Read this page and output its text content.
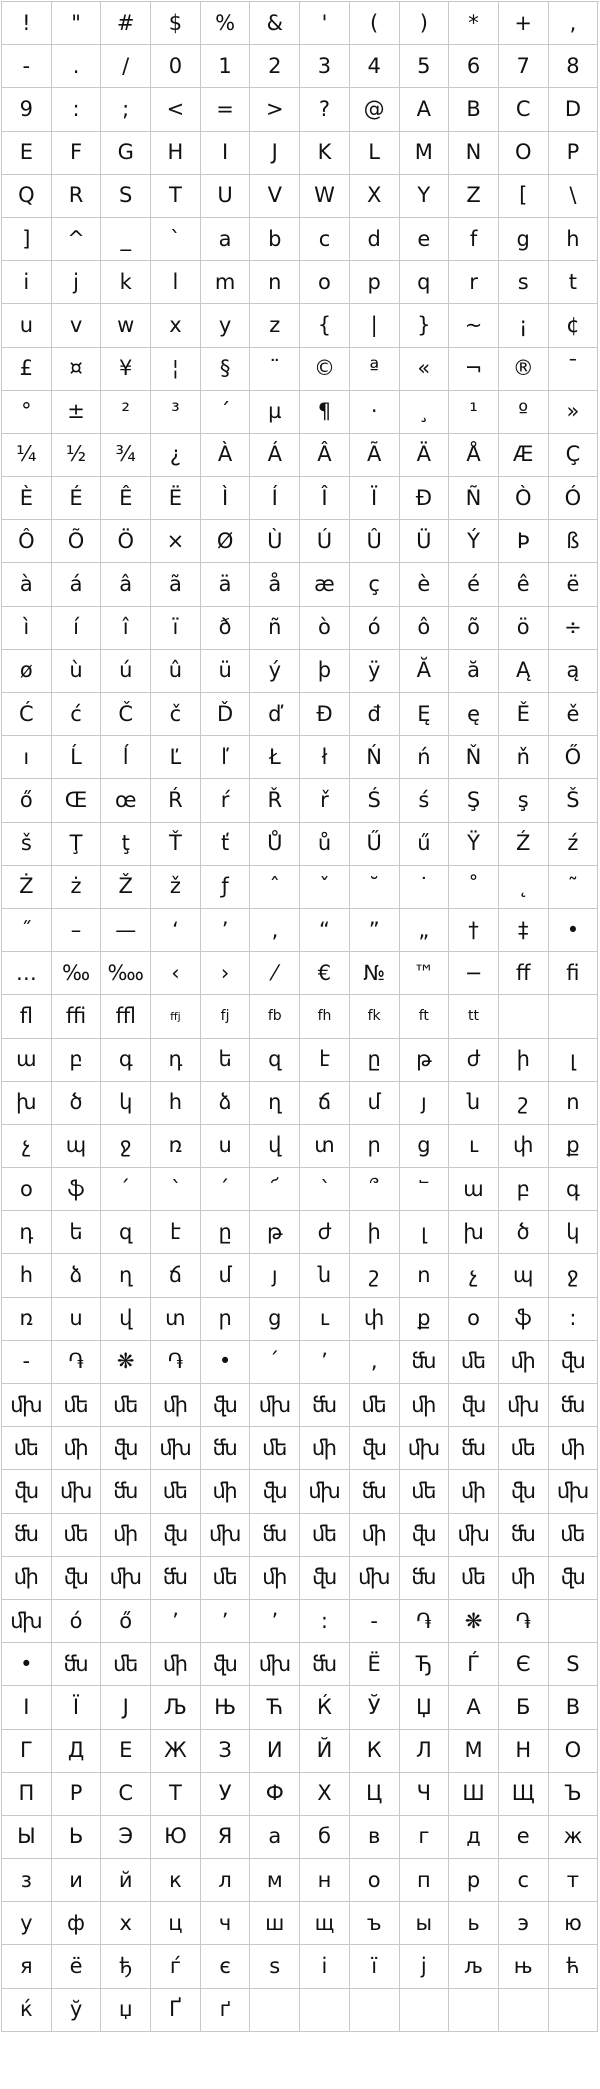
!	"	#	$	%	&	'	(	)	*	+	,
-	.	/	0	1	2	3	4	5	6	7	8
9	:	;	<	=	>	?	@	A	B	C	D
E	F	G	H	I	J	K	L	M	N	O	P
Q	R	S	T	U	V	W	X	Y	Z	[	\
]	^	_	`	a	b	c	d	e	f	g	h
i	j	k	l	m	n	o	p	q	r	s	t
u	v	w	x	y	z	{	|	}	~	¡	¢
£	¤	¥	¦	§	¨	©	ª	«	¬	®	¯
°	±	²	³	´	µ	¶	·	¸	¹	º	»
¼	½	¾	¿	À	Á	Â	Ã	Ä	Å	Æ	Ç
È	É	Ê	Ë	Ì	Í	Î	Ï	Ð	Ñ	Ò	Ó
Ô	Õ	Ö	×	Ø	Ù	Ú	Û	Ü	Ý	Þ	ß
à	á	â	ã	ä	å	æ	ç	è	é	ê	ë
ì	í	î	ï	ð	ñ	ò	ó	ô	õ	ö	÷
ø	ù	ú	û	ü	ý	þ	ÿ	Ă	ă	Ą	ą
Ć	ć	Č	č	Ď	ď	Đ	đ	Ę	ę	Ě	ě
ı	Ĺ	ĺ	Ľ	ľ	Ł	ł	Ń	ń	Ň	ň	Ő
ő	Œ	œ	Ŕ	ŕ	Ř	ř	Ś	ś	Ş	ş	Š
š	Ţ	ţ	Ť	ť	Ů	ů	Ű	ű	Ÿ	Ź	ź
Ż	ż	Ž	ž	ƒ	ˆ	ˇ	˘	˙	˚	˛	˜
˝	–	—	‘	’	‚	“	”	„	†	‡	•
…	‰ ‱	‹	›	⁄	€	№	™	−	ﬀ	ﬁ
ﬂ	ﬃ	ﬄ	ffj	fj	fb	fh	fk	ft	tt
ա	բ	գ	դ	ե	զ	է	ը	թ	ժ	ի	լ
խ	ծ	կ	հ	ձ	ղ	ճ	մ	յ	ն	շ	ո
չ	պ	ջ	ռ	ս	վ	տ	ր	ց	ւ	փ	ք
օ	ֆ	՛	՝	՛	՜	՝	՞	՟	ա	բ	գ
դ	ե	զ	է	ը	թ	ժ	ի	լ	խ	ծ	կ
հ	ձ	ղ	ճ	մ	յ	ն	շ	ո	չ	պ	ջ
ռ	ս	վ	տ	ր	ց	ւ	փ	ք	օ	ֆ	:
-	֏	❋	֏	•	՛	՚	,	ﬓ	ﬔ	ﬕ	ﬖ
ﬗ	ﬔ	ﬔ	ﬕ	ﬖ	ﬗ	ﬓ	ﬔ	ﬕ	ﬖ	ﬗ	ﬓ
ﬔ	ﬕ	ﬖ	ﬗ	ﬓ	ﬔ	ﬕ	ﬖ	ﬗ	ﬓ	ﬔ	ﬕ
ﬖ	ﬗ	ﬓ	ﬔ	ﬕ	ﬖ	ﬗ	ﬓ	ﬔ	ﬕ	ﬖ	ﬗ
ﬓ	ﬔ	ﬕ	ﬖ	ﬗ	ﬓ	ﬔ	ﬕ	ﬖ	ﬗ	ﬓ	ﬔ
ﬕ	ﬖ	ﬗ	ﬓ	ﬔ	ﬕ	ﬖ	ﬗ	ﬓ	ﬔ	ﬕ	ﬖ
ﬗ	ó	ő	ʼ	ʼ	ʼ	:	-	֏	❋	֏
•	ﬓ	ﬔ	ﬕ	ﬖ	ﬗ	ﬓ	Ë	Ђ	Ѓ	Є	S
І	Ї	Ј	Љ	Њ	Ћ	Ќ	Ў	Џ	А	Б	В
Г	Д	Е	Ж	З	И	Й	К	Л	М	Н	О
П	Р	С	Т	У	Ф	Х	Ц	Ч	Ш	Щ	Ъ
Ы	Ь	Э	Ю	Я	а	б	в	г	д	е	ж
з	и	й	к	л	м	н	о	п	р	с	т
у	ф	х	ц	ч	ш	щ	ъ	ы	ь	э	ю
я	ё	ђ	ѓ	є	s	і	ї	j	љ	њ	ћ
ќ	ў	џ	Ґ	ґ
